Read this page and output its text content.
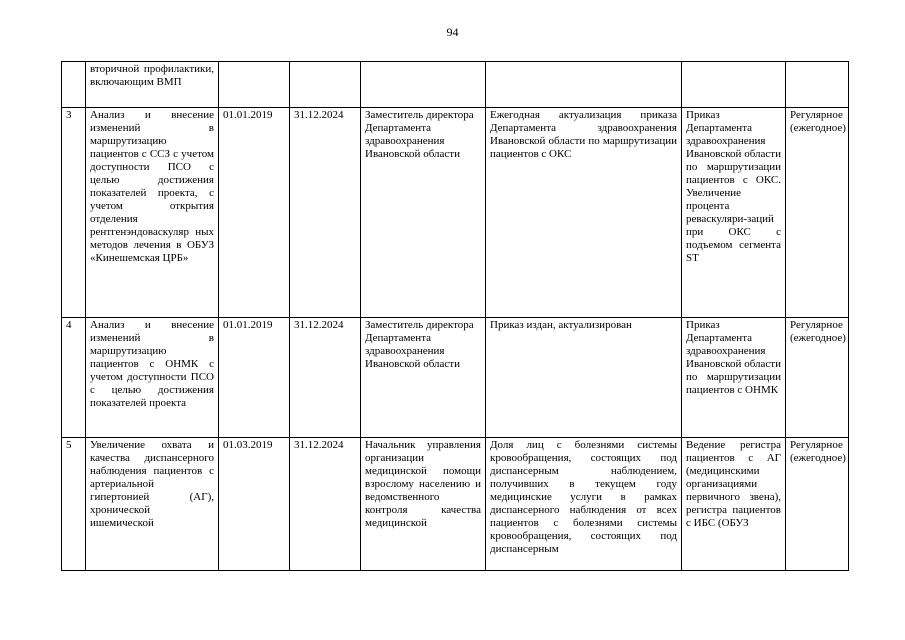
94
	вторичной профилактики, включающим ВМП						
3	Анализ и внесение изменений в маршрутизацию пациентов с ССЗ с учетом доступности ПСО с целью достижения показателей проекта, с учетом открытия отделения рентгенэндоваскуляр ных методов лечения в ОБУЗ «Кинешемская ЦРБ»	01.01.2019	31.12.2024	Заместитель директора Департамента здравоохранения Ивановской области	Ежегодная актуализация приказа Департамента здравоохранения Ивановской области по маршрутизации пациентов с ОКС	Приказ Департамента здравоохранения Ивановской области по маршрутизации пациентов с ОКС. Увеличение процента реваскуляри-заций при ОКС с подъемом сегмента ST	Регулярное (ежегодное)
4	Анализ и внесение изменений в маршрутизацию пациентов с ОНМК с учетом доступности ПСО с целью достижения показателей проекта	01.01.2019	31.12.2024	Заместитель директора Департамента здравоохранения Ивановской области	Приказ издан, актуализирован	Приказ Департамента здравоохранения Ивановской области по маршрутизации пациентов с ОНМК	Регулярное (ежегодное)
5	Увеличение охвата и качества диспансерного наблюдения пациентов с артериальной гипертонией (АГ), хронической ишемической	01.03.2019	31.12.2024	Начальник управления организации медицинской помощи взрослому населению и ведомственного контроля качества медицинской	Доля лиц с болезнями системы кровообращения, состоящих под диспансерным наблюдением, получивших в текущем году медицинские услуги в рамках диспансерного наблюдения от всех пациентов с болезнями системы кровообращения, состоящих под диспансерным	Ведение регистра пациентов с АГ (медицинскими организациями первичного звена), регистра пациентов с ИБС (ОБУЗ	Регулярное (ежегодное)
